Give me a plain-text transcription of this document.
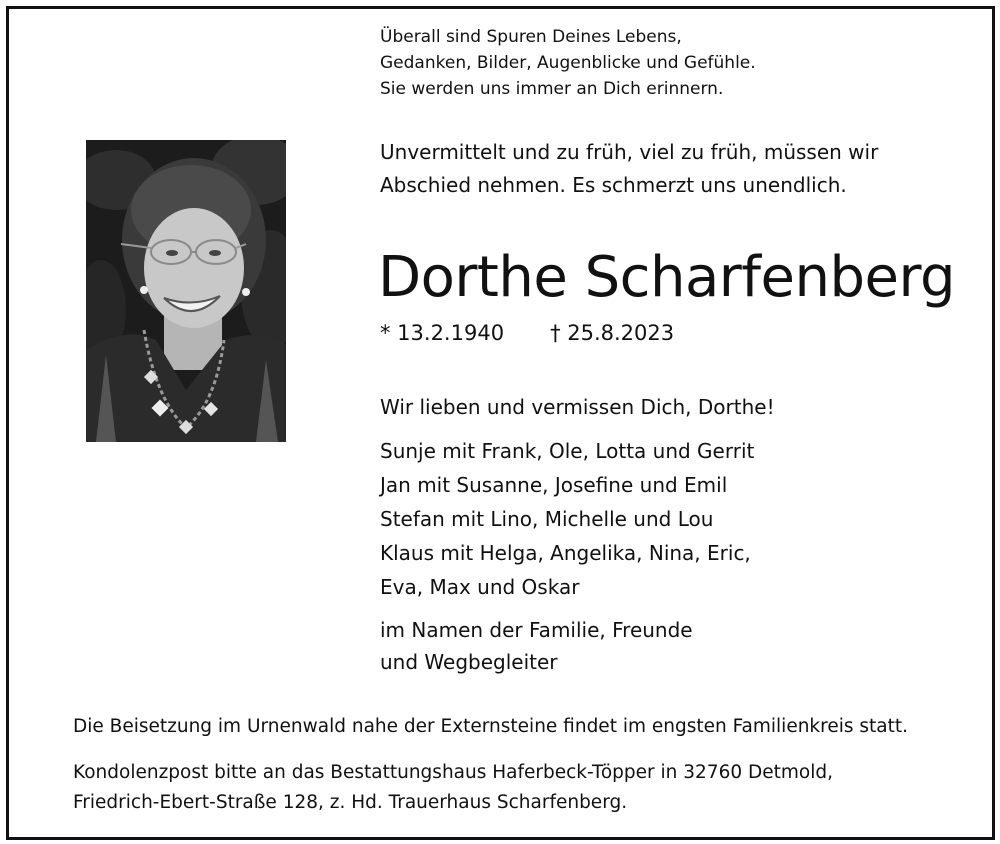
Überall sind Spuren Deines Lebens,
Gedanken, Bilder, Augenblicke und Gefühle.
Sie werden uns immer an Dich erinnern.
Unvermittelt und zu früh, viel zu früh, müssen wir
Abschied nehmen. Es schmerzt uns unendlich.
Dorthe Scharfenberg
* 13.2.1940 † 25.8.2023
Wir lieben und vermissen Dich, Dorthe!
Sunje mit Frank, Ole, Lotta und Gerrit
Jan mit Susanne, Josefine und Emil
Stefan mit Lino, Michelle und Lou
Klaus mit Helga, Angelika, Nina, Eric,
Eva, Max und Oskar
im Namen der Familie, Freunde
und Wegbegleiter
Die Beisetzung im Urnenwald nahe der Externsteine findet im engsten Familienkreis statt.
Kondolenzpost bitte an das Bestattungshaus Haferbeck-Töpper in 32760 Detmold,
Friedrich-Ebert-Straße 128, z. Hd. Trauerhaus Scharfenberg.
